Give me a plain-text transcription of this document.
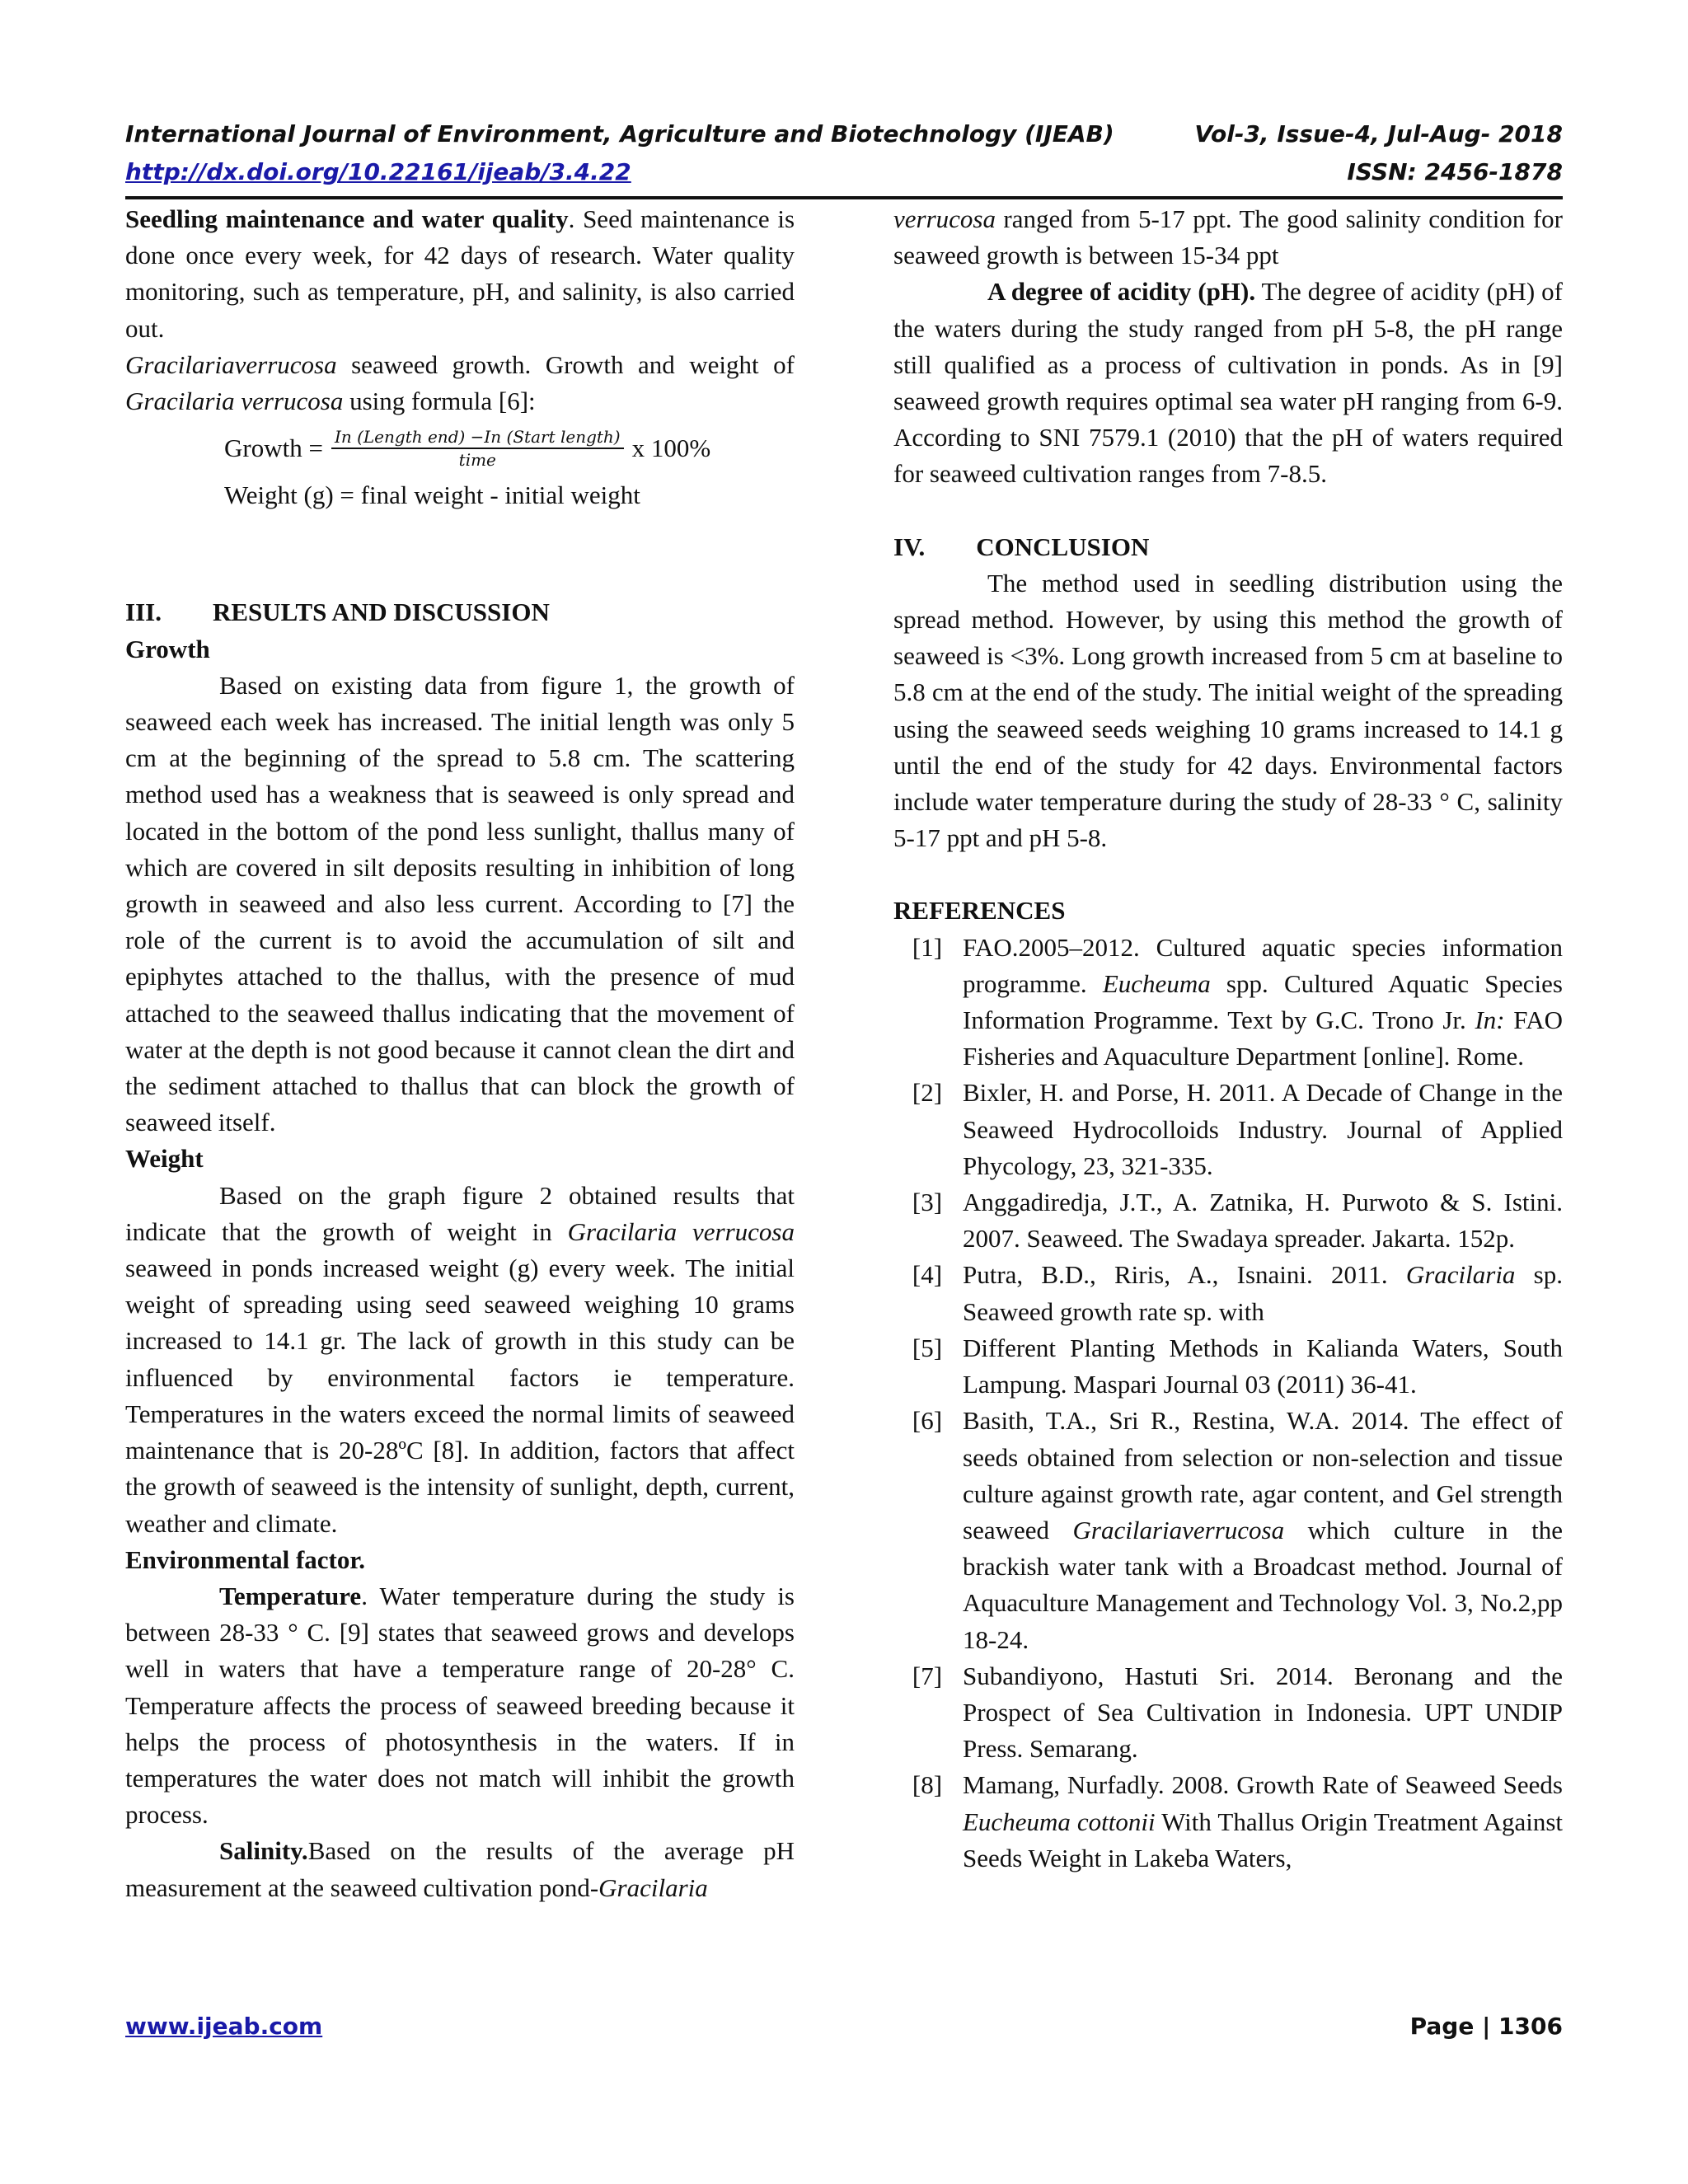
International Journal of Environment, Agriculture and Biotechnology (IJEAB)	Vol-3, Issue-4, Jul-Aug- 2018
http://dx.doi.org/10.22161/ijeab/3.4.22	ISSN: 2456-1878

Seedling maintenance and water quality. Seed maintenance is done once every week, for 42 days of research. Water quality monitoring, such as temperature, pH, and salinity, is also carried out.

Gracilariaverrucosa seaweed growth. Growth and weight of Gracilaria verrucosa using formula [6]:

Growth = $\frac{\text{In (Length end) −In (Start length)}}{\text{time}}$ x 100%

Weight (g) = final weight - initial weight

III.        RESULTS AND DISCUSSION

Growth

Based on existing data from figure 1, the growth of seaweed each week has increased. The initial length was only 5 cm at the beginning of the spread to 5.8 cm. The scattering method used has a weakness that is seaweed is only spread and located in the bottom of the pond less sunlight, thallus many of which are covered in silt deposits resulting in inhibition of long growth in seaweed and also less current. According to [7] the role of the current is to avoid the accumulation of silt and epiphytes attached to the thallus, with the presence of mud attached to the seaweed thallus indicating that the movement of water at the depth is not good because it cannot clean the dirt and the sediment attached to thallus that can block the growth of seaweed itself.

Weight

Based on the graph figure 2 obtained results that indicate that the growth of weight in Gracilaria verrucosa seaweed in ponds increased weight (g) every week. The initial weight of spreading using seed seaweed weighing 10 grams increased to 14.1 gr. The lack of growth in this study can be influenced by environmental factors ie temperature. Temperatures in the waters exceed the normal limits of seaweed maintenance that is 20-28ºC [8]. In addition, factors that affect the growth of seaweed is the intensity of sunlight, depth, current, weather and climate.

Environmental factor.

Temperature. Water temperature during the study is between 28-33 ° C. [9] states that seaweed grows and develops well in waters that have a temperature range of 20-28° C. Temperature affects the process of seaweed breeding because it helps the process of photosynthesis in the waters. If in temperatures the water does not match will inhibit the growth process.

Salinity.Based on the results of the average pH measurement at the seaweed cultivation pond-Gracilaria

verrucosa ranged from 5-17 ppt. The good salinity condition for seaweed growth is between 15-34 ppt

A degree of acidity (pH). The degree of acidity (pH) of the waters during the study ranged from pH 5-8, the pH range still qualified as a process of cultivation in ponds. As in [9] seaweed growth requires optimal sea water pH ranging from 6-9. According to SNI 7579.1 (2010) that the pH of waters required for seaweed cultivation ranges from 7-8.5.

IV.        CONCLUSION

The method used in seedling distribution using the spread method. However, by using this method the growth of seaweed is <3%. Long growth increased from 5 cm at baseline to 5.8 cm at the end of the study. The initial weight of the spreading using the seaweed seeds weighing 10 grams increased to 14.1 g until the end of the study for 42 days. Environmental factors include water temperature during the study of 28-33 ° C, salinity 5-17 ppt and pH 5-8.

REFERENCES

[1] FAO.2005–2012. Cultured aquatic species information programme. Eucheuma spp. Cultured Aquatic Species Information Programme. Text by G.C. Trono Jr. In: FAO Fisheries and Aquaculture Department [online]. Rome.
[2] Bixler, H. and Porse, H. 2011. A Decade of Change in the Seaweed Hydrocolloids Industry. Journal of Applied Phycology, 23, 321-335.
[3] Anggadiredja, J.T., A. Zatnika, H. Purwoto & S. Istini. 2007. Seaweed. The Swadaya spreader. Jakarta. 152p.
[4] Putra, B.D., Riris, A., Isnaini. 2011. Gracilaria sp. Seaweed growth rate sp. with
[5] Different Planting Methods in Kalianda Waters, South Lampung. Maspari Journal 03 (2011) 36-41.
[6] Basith, T.A., Sri R., Restina, W.A. 2014. The effect of seeds obtained from selection or non-selection and tissue culture against growth rate, agar content, and Gel strength seaweed Gracilariaverrucosa which culture in the brackish water tank with a Broadcast method. Journal of Aquaculture Management and Technology Vol. 3, No.2,pp 18-24.
[7] Subandiyono, Hastuti Sri. 2014. Beronang and the Prospect of Sea Cultivation in Indonesia. UPT UNDIP Press. Semarang.
[8] Mamang, Nurfadly. 2008. Growth Rate of Seaweed Seeds Eucheuma cottonii With Thallus Origin Treatment Against Seeds Weight in Lakeba Waters,
www.ijeab.com	Page | 1306
